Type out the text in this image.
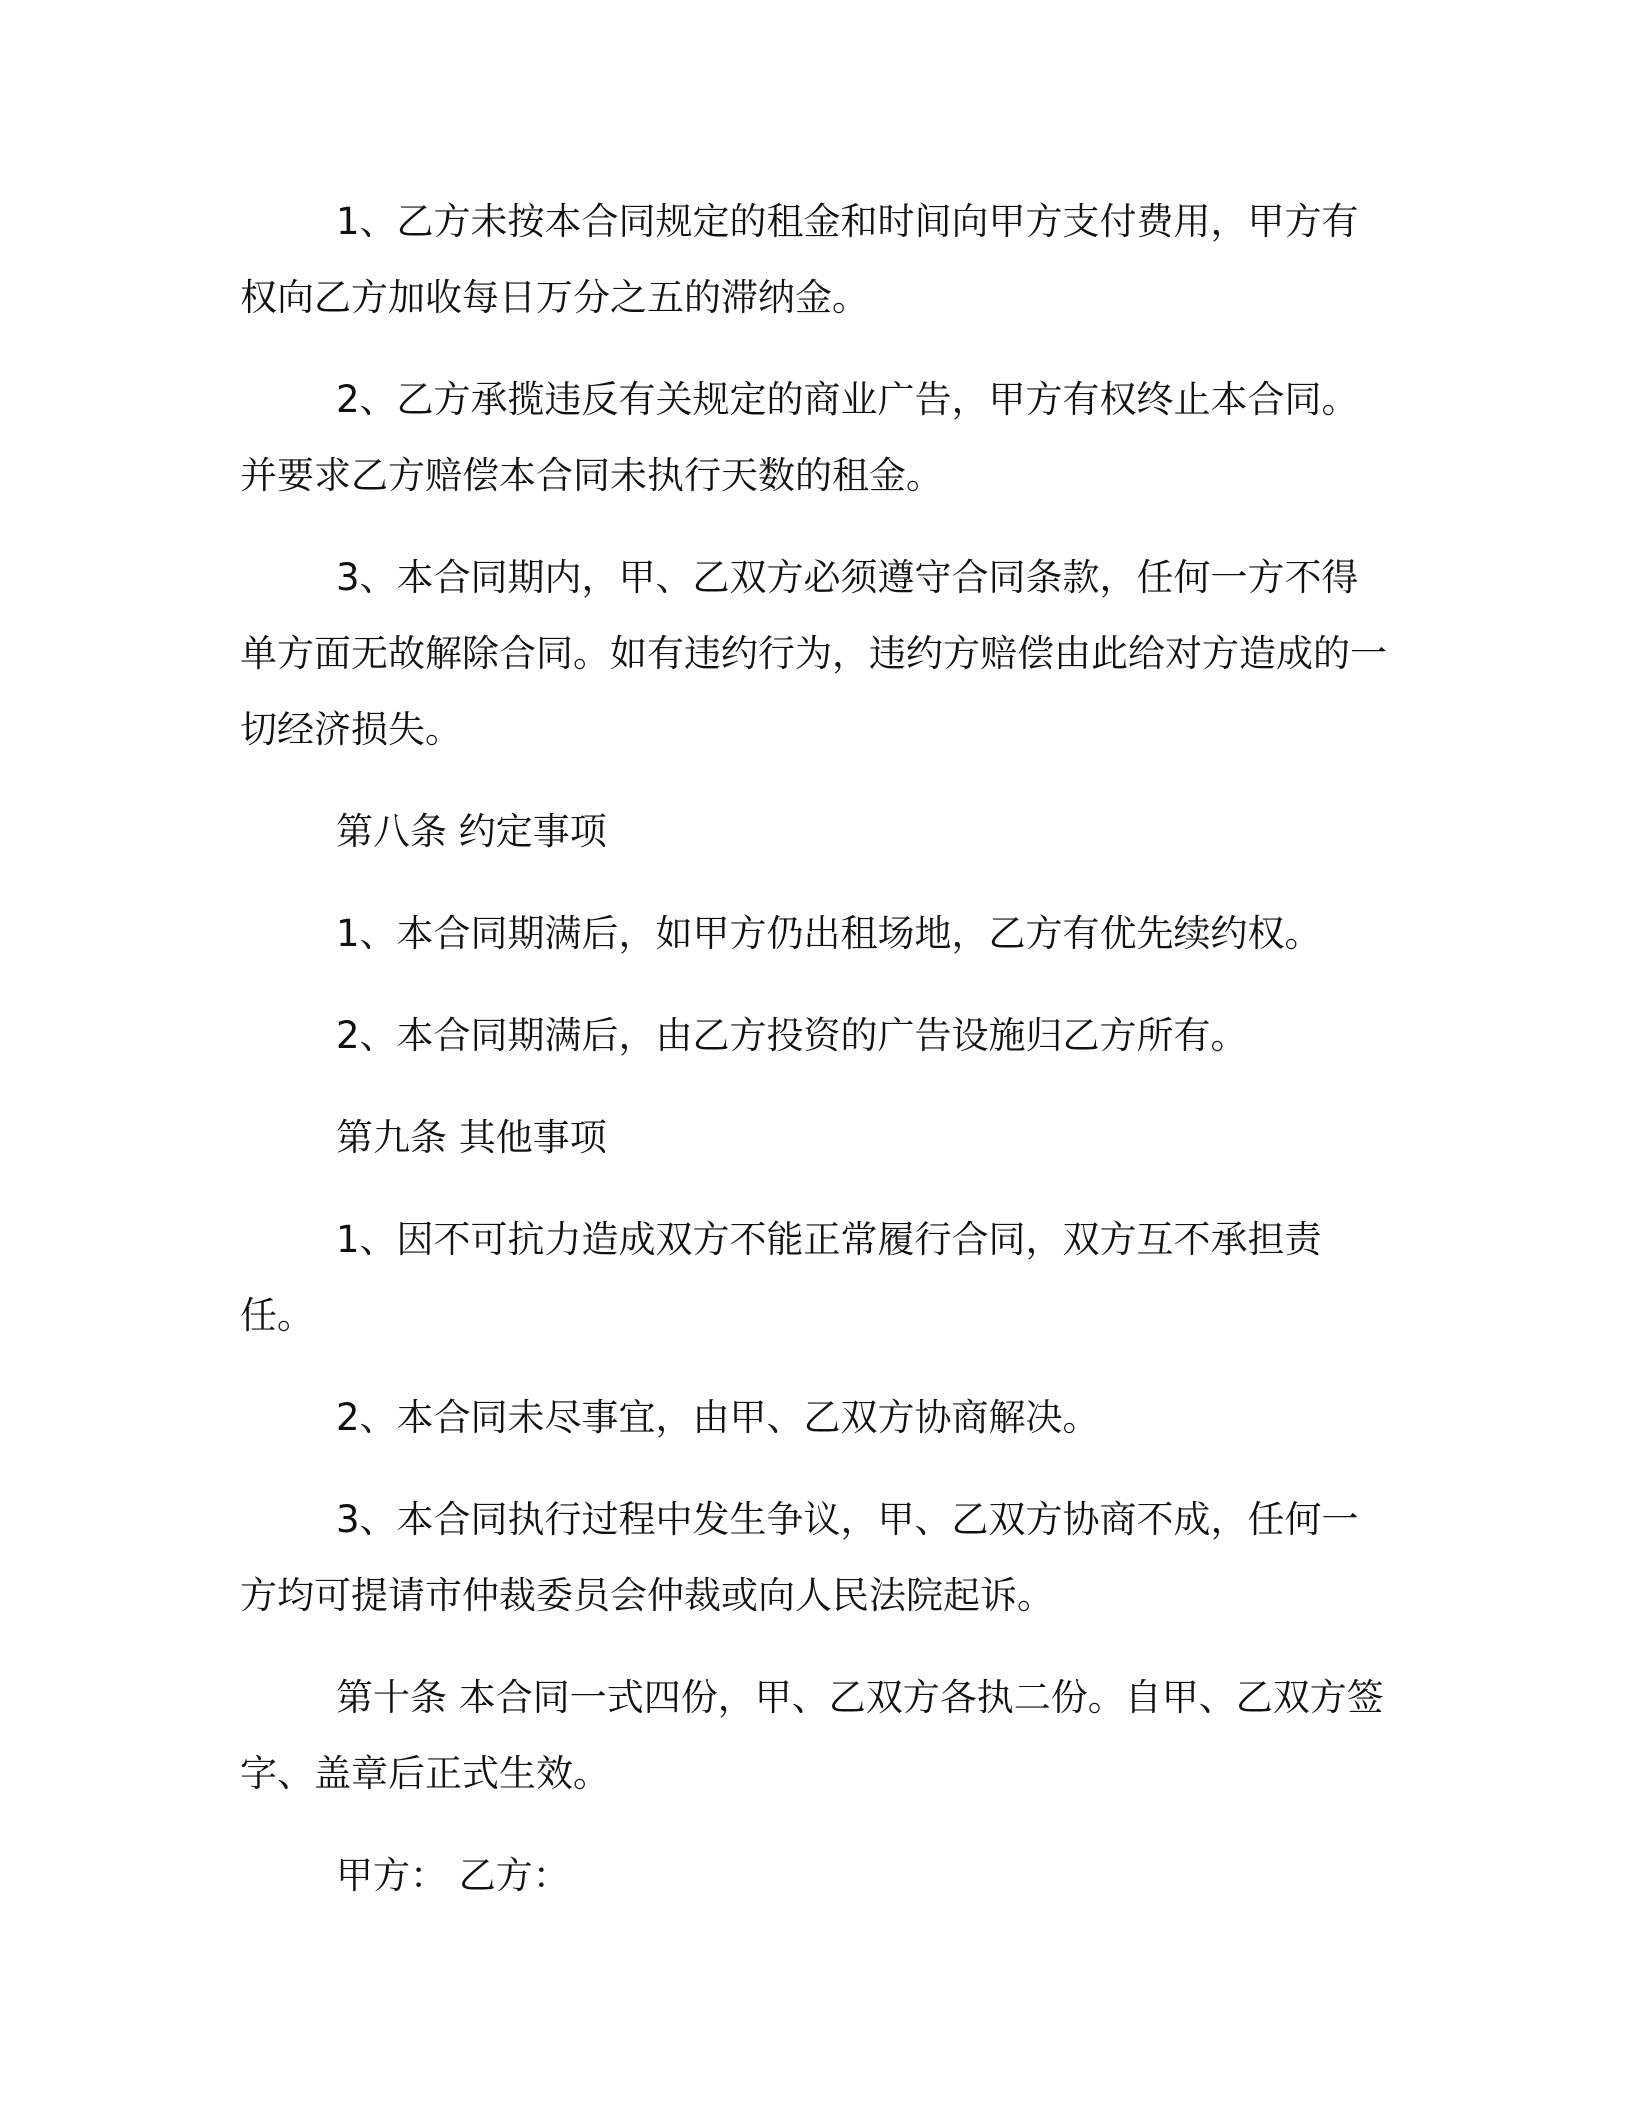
1、乙方未按本合同规定的租金和时间向甲方支付费用，甲方有权向乙方加收每日万分之五的滞纳金。

2、乙方承揽违反有关规定的商业广告，甲方有权终止本合同。并要求乙方赔偿本合同未执行天数的租金。

3、本合同期内，甲、乙双方必须遵守合同条款，任何一方不得单方面无故解除合同。如有违约行为，违约方赔偿由此给对方造成的一切经济损失。

第八条 约定事项

1、本合同期满后，如甲方仍出租场地，乙方有优先续约权。

2、本合同期满后，由乙方投资的广告设施归乙方所有。

第九条 其他事项

1、因不可抗力造成双方不能正常履行合同，双方互不承担责任。

2、本合同未尽事宜，由甲、乙双方协商解决。

3、本合同执行过程中发生争议，甲、乙双方协商不成，任何一方均可提请市仲裁委员会仲裁或向人民法院起诉。

第十条 本合同一式四份，甲、乙双方各执二份。自甲、乙双方签字、盖章后正式生效。

甲方： 乙方：
